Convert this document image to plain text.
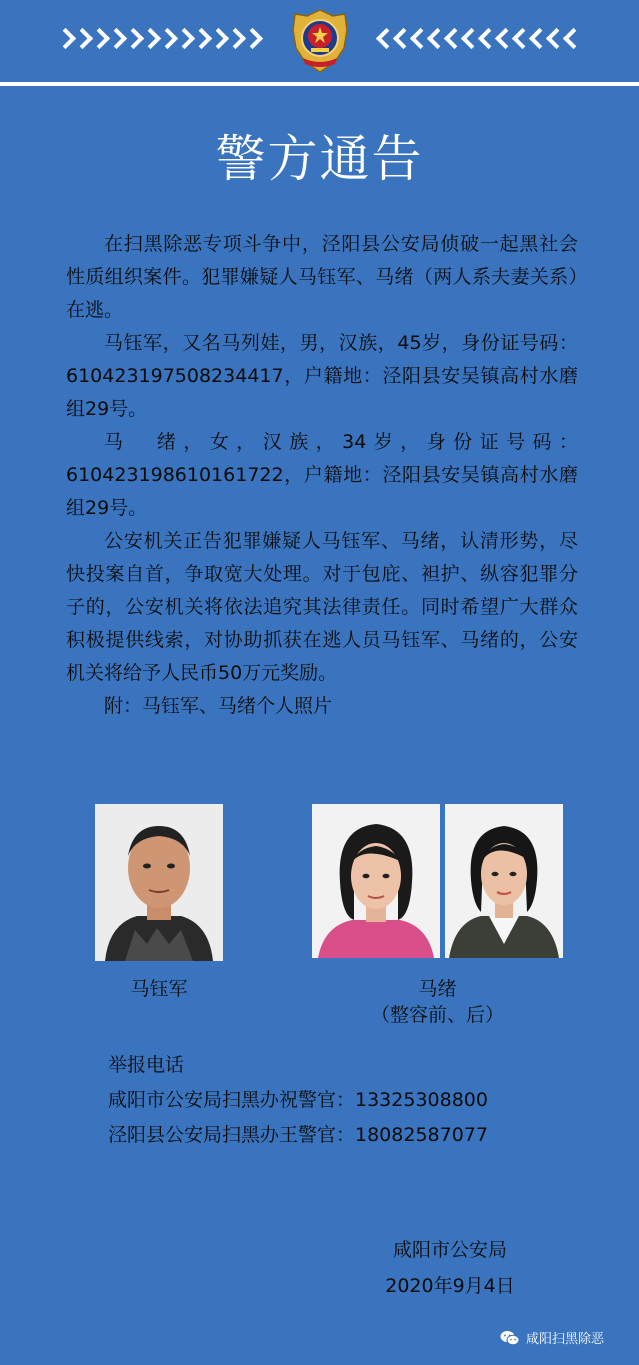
警方通告

在扫黑除恶专项斗争中，泾阳县公安局侦破一起黑社会性质组织案件。犯罪嫌疑人马钰军、马绪（两人系夫妻关系）在逃。

马钰军，又名马列娃，男，汉族，45岁，身份证号码：610423197508234417，户籍地：泾阳县安吴镇高村水磨组29号。

马　绪，女，汉族，34岁，身份证号码：610423198610161722，户籍地：泾阳县安吴镇高村水磨组29号。

公安机关正告犯罪嫌疑人马钰军、马绪，认清形势，尽快投案自首，争取宽大处理。对于包庇、袒护、纵容犯罪分子的，公安机关将依法追究其法律责任。同时希望广大群众积极提供线索，对协助抓获在逃人员马钰军、马绪的，公安机关将给予人民币50万元奖励。

附：马钰军、马绪个人照片

马钰军	马绪
（整容前、后）
举报电话
咸阳市公安局扫黑办祝警官：13325308800
泾阳县公安局扫黑办王警官：18082587077
咸阳市公安局
2020年9月4日
咸阳扫黑除恶
